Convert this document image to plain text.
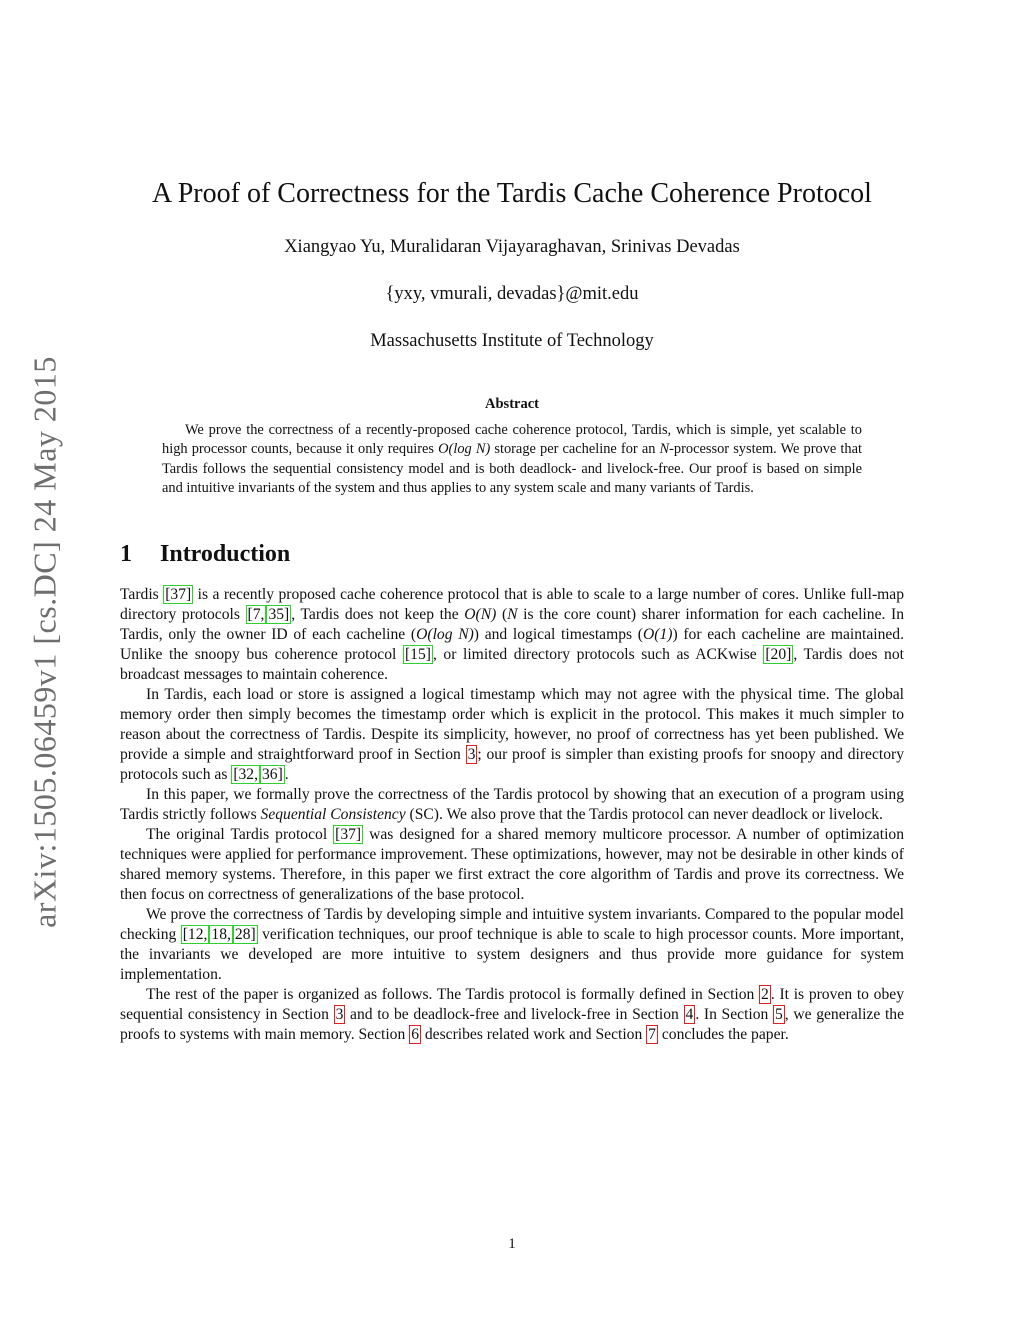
arXiv:1505.06459v1 [cs.DC] 24 May 2015
A Proof of Correctness for the Tardis Cache Coherence Protocol
Xiangyao Yu, Muralidaran Vijayaraghavan, Srinivas Devadas
{yxy, vmurali, devadas}@mit.edu
Massachusetts Institute of Technology
Abstract

We prove the correctness of a recently-proposed cache coherence protocol, Tardis, which is simple, yet scalable to high processor counts, because it only requires O(log N) storage per cacheline for an N-processor system. We prove that Tardis follows the sequential consistency model and is both deadlock- and livelock-free. Our proof is based on simple and intuitive invariants of the system and thus applies to any system scale and many variants of Tardis.

1 Introduction

Tardis [37] is a recently proposed cache coherence protocol that is able to scale to a large number of cores. Unlike full-map directory protocols [7, 35] , Tardis does not keep the O(N) (N is the core count) sharer information for each cacheline. In Tardis, only the owner ID of each cacheline (O(log N)) and logical timestamps (O(1)) for each cacheline are maintained. Unlike the snoopy bus coherence protocol [15] , or limited directory protocols such as ACKwise [20] , Tardis does not broadcast messages to maintain coherence.

In Tardis, each load or store is assigned a logical timestamp which may not agree with the physical time. The global memory order then simply becomes the timestamp order which is explicit in the protocol. This makes it much simpler to reason about the correctness of Tardis. Despite its simplicity, however, no proof of correctness has yet been published. We provide a simple and straightforward proof in Section 3 ; our proof is simpler than existing proofs for snoopy and directory protocols such as [32, 36] .

In this paper, we formally prove the correctness of the Tardis protocol by showing that an execution of a program using Tardis strictly follows Sequential Consistency (SC). We also prove that the Tardis protocol can never deadlock or livelock.

The original Tardis protocol [37] was designed for a shared memory multicore processor. A number of optimization techniques were applied for performance improvement. These optimizations, however, may not be desirable in other kinds of shared memory systems. Therefore, in this paper we first extract the core algorithm of Tardis and prove its correctness. We then focus on correctness of generalizations of the base protocol.

We prove the correctness of Tardis by developing simple and intuitive system invariants. Compared to the popular model checking [12, 18, 28] verification techniques, our proof technique is able to scale to high processor counts. More important, the invariants we developed are more intuitive to system designers and thus provide more guidance for system implementation.

The rest of the paper is organized as follows. The Tardis protocol is formally defined in Section 2 . It is proven to obey sequential consistency in Section 3 and to be deadlock-free and livelock-free in Section 4 . In Section 5 , we generalize the proofs to systems with main memory. Section 6 describes related work and Section 7 concludes the paper.

1
